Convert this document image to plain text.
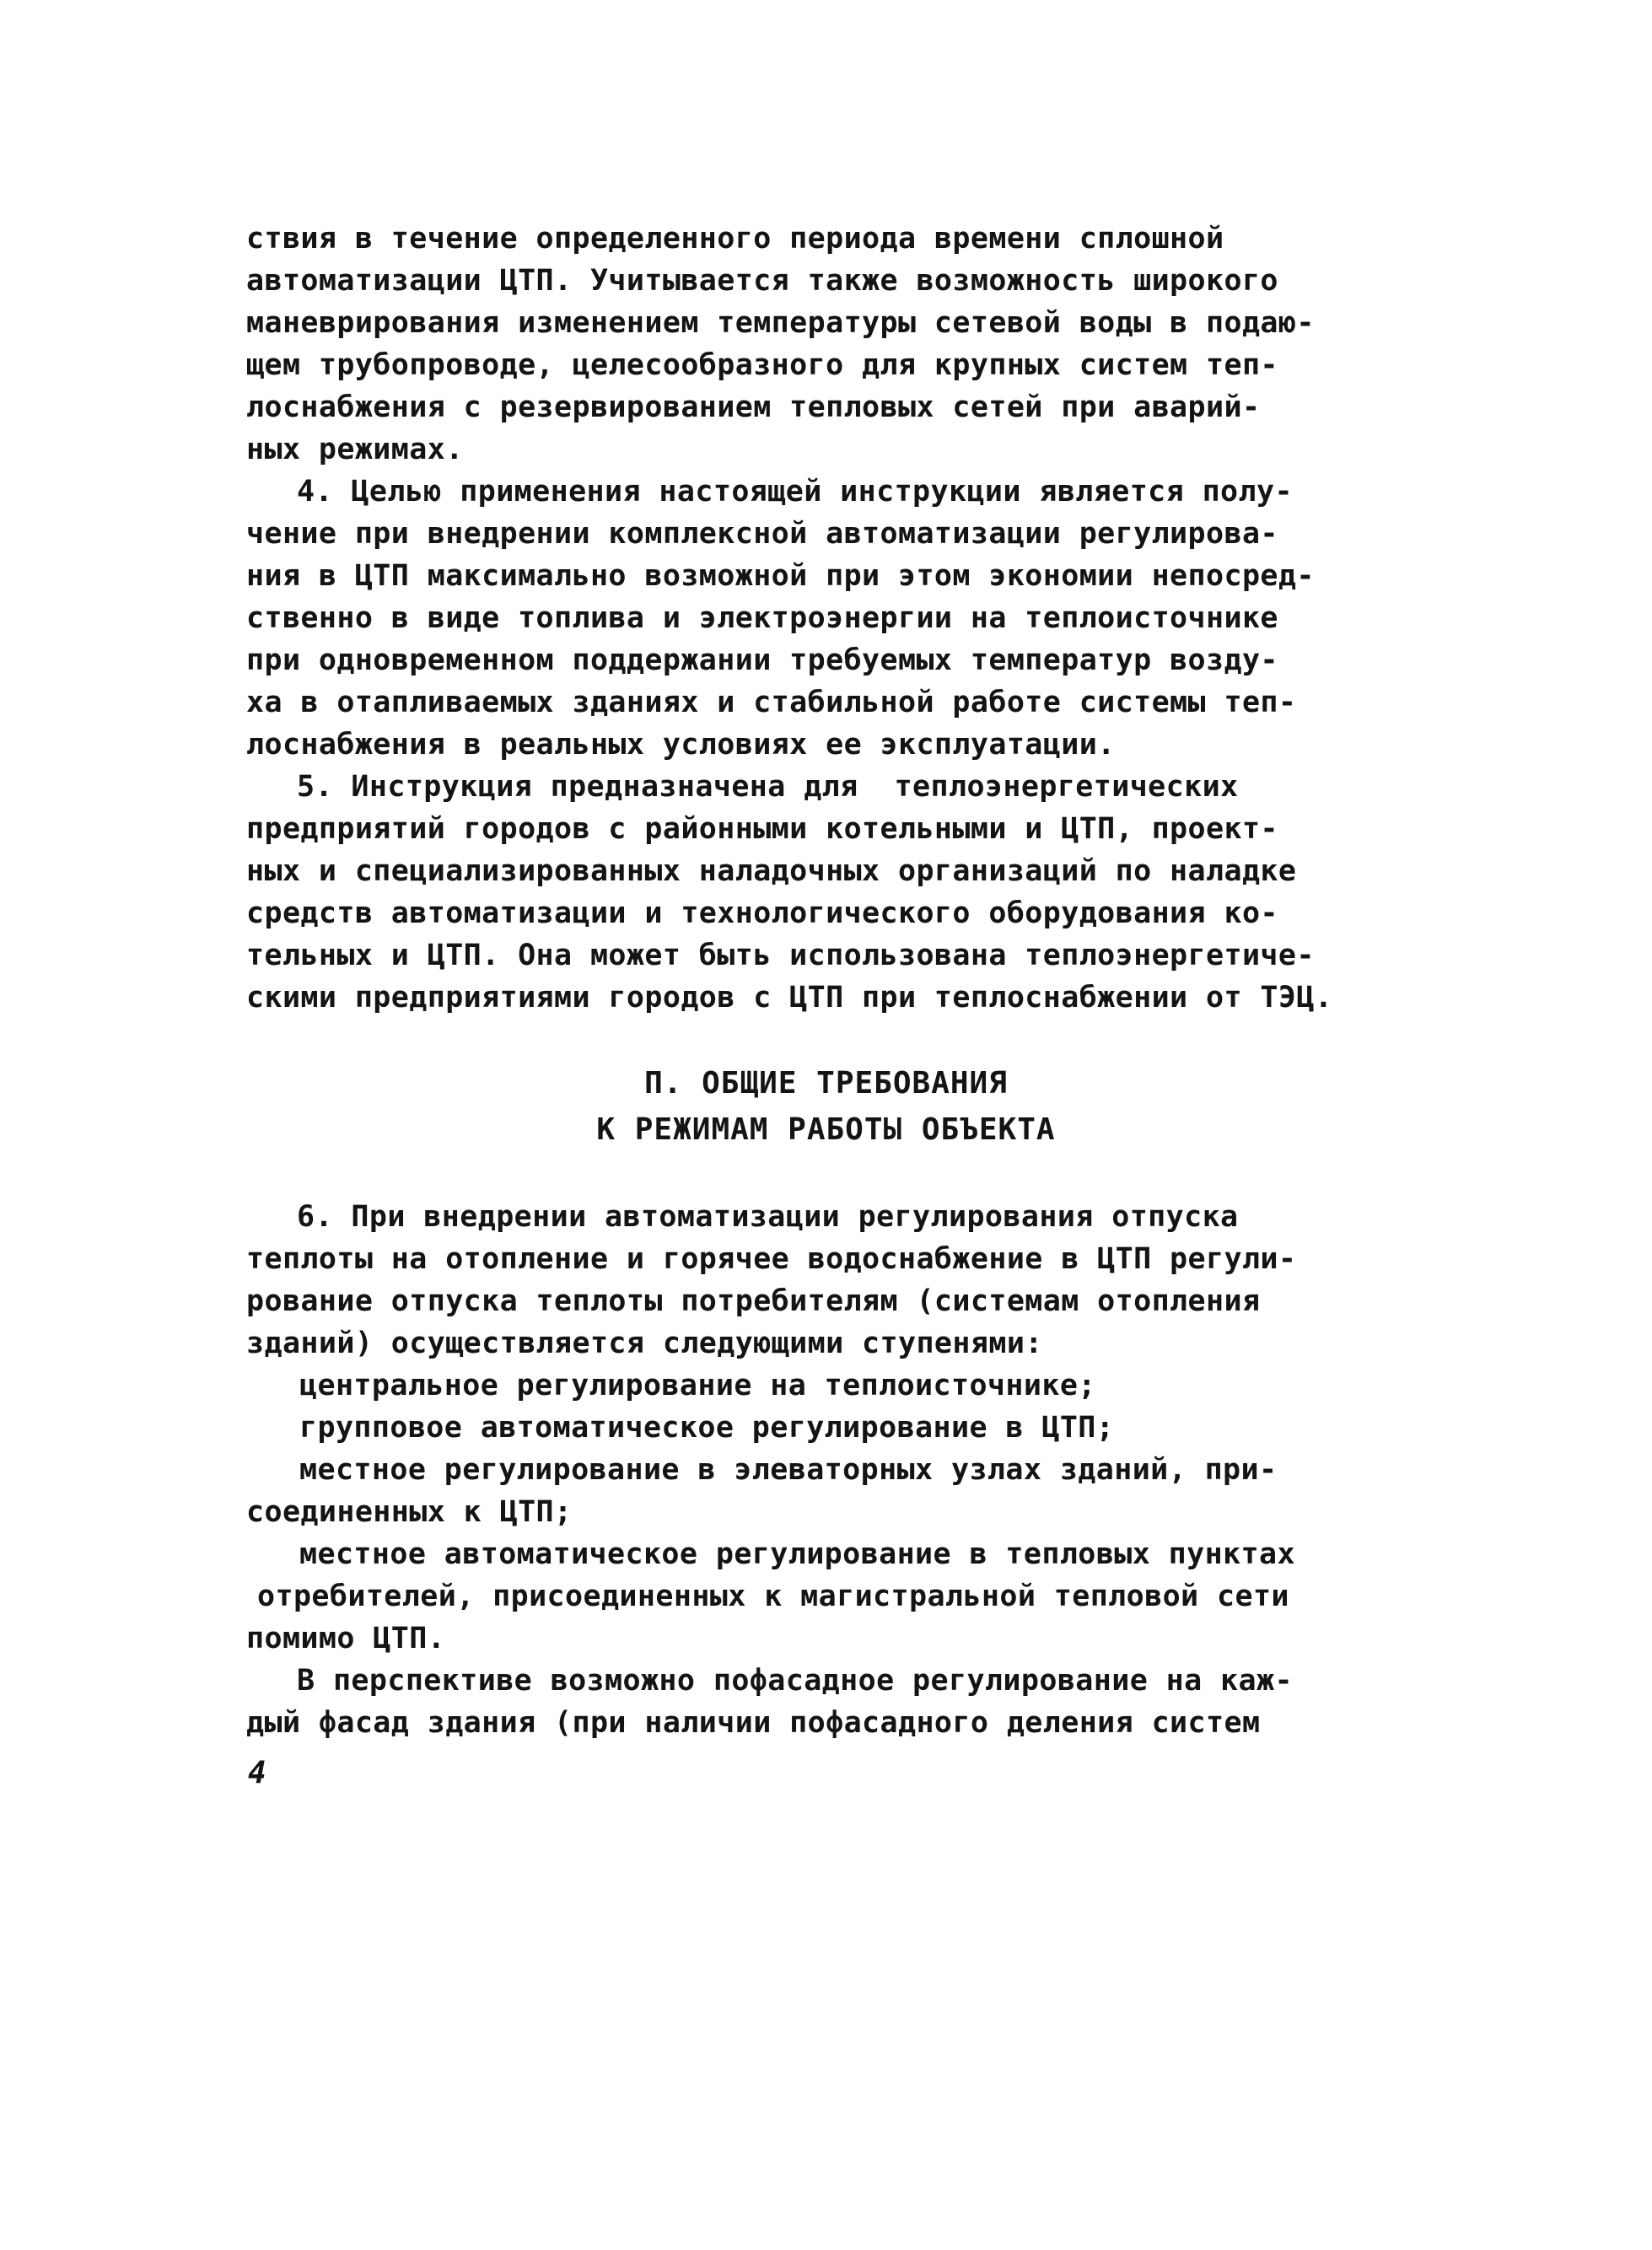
ствия в течение определенного периода времени сплошной
автоматизации ЦТП. Учитывается также возможность широкого
маневрирования изменением температуры сетевой воды в подаю-
щем трубопроводе, целесообразного для крупных систем теп-
лоснабжения с резервированием тепловых сетей при аварий-
ных режимах.
4. Целью применения настоящей инструкции является полу-
чение при внедрении комплексной автоматизации регулирова-
ния в ЦТП максимально возможной при этом экономии непосред-
ственно в виде топлива и электроэнергии на теплоисточнике
при одновременном поддержании требуемых температур возду-
ха в отапливаемых зданиях и стабильной работе системы теп-
лоснабжения в реальных условиях ее эксплуатации.
5. Инструкция предназначена для  теплоэнергетических
предприятий городов с районными котельными и ЦТП, проект-
ных и специализированных наладочных организаций по наладке
средств автоматизации и технологического оборудования ко-
тельных и ЦТП. Она может быть использована теплоэнергетиче-
скими предприятиями городов с ЦТП при теплоснабжении от ТЭЦ.
П. ОБЩИЕ ТРЕБОВАНИЯ
К РЕЖИМАМ РАБОТЫ ОБЪЕКТА
6. При внедрении автоматизации регулирования отпуска
теплоты на отопление и горячее водоснабжение в ЦТП регули-
рование отпуска теплоты потребителям (системам отопления
зданий) осуществляется следующими ступенями:
центральное регулирование на теплоисточнике;
групповое автоматическое регулирование в ЦТП;
местное регулирование в элеваторных узлах зданий, при-
соединенных к ЦТП;
местное автоматическое регулирование в тепловых пунктах
отребителей, присоединенных к магистральной тепловой сети
помимо ЦТП.
В перспективе возможно пофасадное регулирование на каж-
дый фасад здания (при наличии пофасадного деления систем
4
